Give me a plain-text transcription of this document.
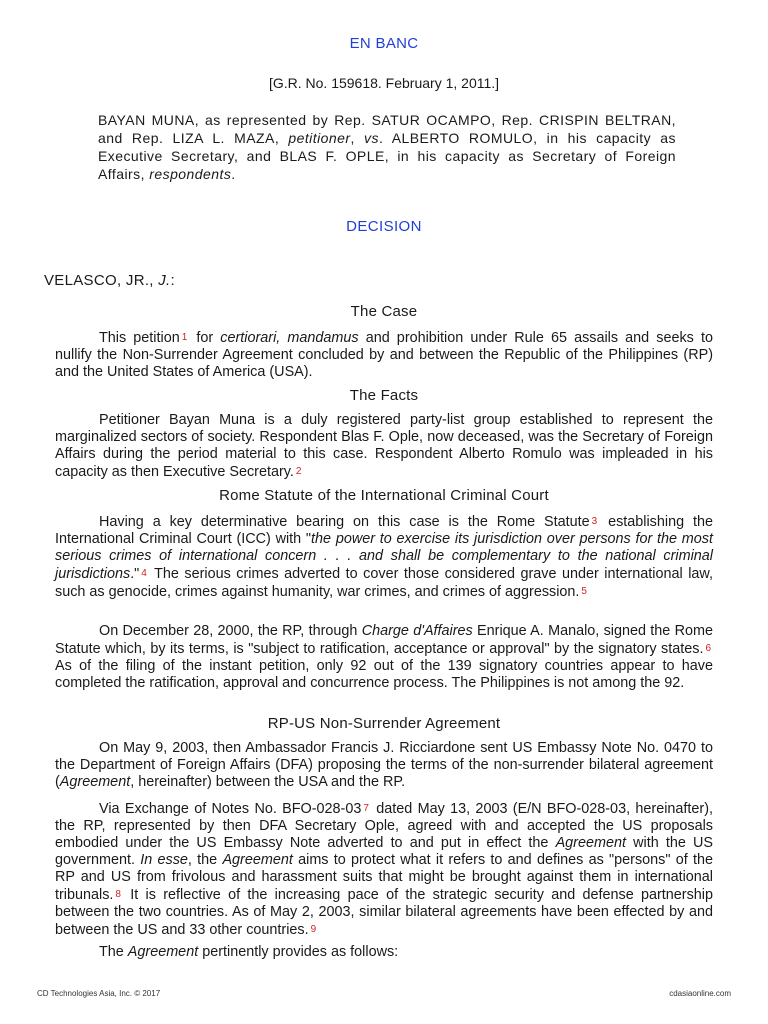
EN BANC
[G.R. No. 159618. February 1, 2011.]
BAYAN MUNA, as represented by Rep. SATUR OCAMPO, Rep. CRISPIN BELTRAN, and Rep. LIZA L. MAZA, petitioner, vs. ALBERTO ROMULO, in his capacity as Executive Secretary, and BLAS F. OPLE, in his capacity as Secretary of Foreign Affairs, respondents.
DECISION
VELASCO, JR., J.:
The Case
This petition 1 for certiorari, mandamus and prohibition under Rule 65 assails and seeks to nullify the Non-Surrender Agreement concluded by and between the Republic of the Philippines (RP) and the United States of America (USA).
The Facts
Petitioner Bayan Muna is a duly registered party-list group established to represent the marginalized sectors of society. Respondent Blas F. Ople, now deceased, was the Secretary of Foreign Affairs during the period material to this case. Respondent Alberto Romulo was impleaded in his capacity as then Executive Secretary. 2
Rome Statute of the International Criminal Court
Having a key determinative bearing on this case is the Rome Statute 3 establishing the International Criminal Court (ICC) with "the power to exercise its jurisdiction over persons for the most serious crimes of international concern . . . and shall be complementary to the national criminal jurisdictions." 4 The serious crimes adverted to cover those considered grave under international law, such as genocide, crimes against humanity, war crimes, and crimes of aggression. 5
On December 28, 2000, the RP, through Charge d'Affaires Enrique A. Manalo, signed the Rome Statute which, by its terms, is "subject to ratification, acceptance or approval" by the signatory states. 6 As of the filing of the instant petition, only 92 out of the 139 signatory countries appear to have completed the ratification, approval and concurrence process. The Philippines is not among the 92.
RP-US Non-Surrender Agreement
On May 9, 2003, then Ambassador Francis J. Ricciardone sent US Embassy Note No. 0470 to the Department of Foreign Affairs (DFA) proposing the terms of the non-surrender bilateral agreement (Agreement, hereinafter) between the USA and the RP.
Via Exchange of Notes No. BFO-028-03 7 dated May 13, 2003 (E/N BFO-028-03, hereinafter), the RP, represented by then DFA Secretary Ople, agreed with and accepted the US proposals embodied under the US Embassy Note adverted to and put in effect the Agreement with the US government. In esse, the Agreement aims to protect what it refers to and defines as "persons" of the RP and US from frivolous and harassment suits that might be brought against them in international tribunals. 8 It is reflective of the increasing pace of the strategic security and defense partnership between the two countries. As of May 2, 2003, similar bilateral agreements have been effected by and between the US and 33 other countries. 9
The Agreement pertinently provides as follows:
CD Technologies Asia, Inc. © 2017	cdasiaonline.com
